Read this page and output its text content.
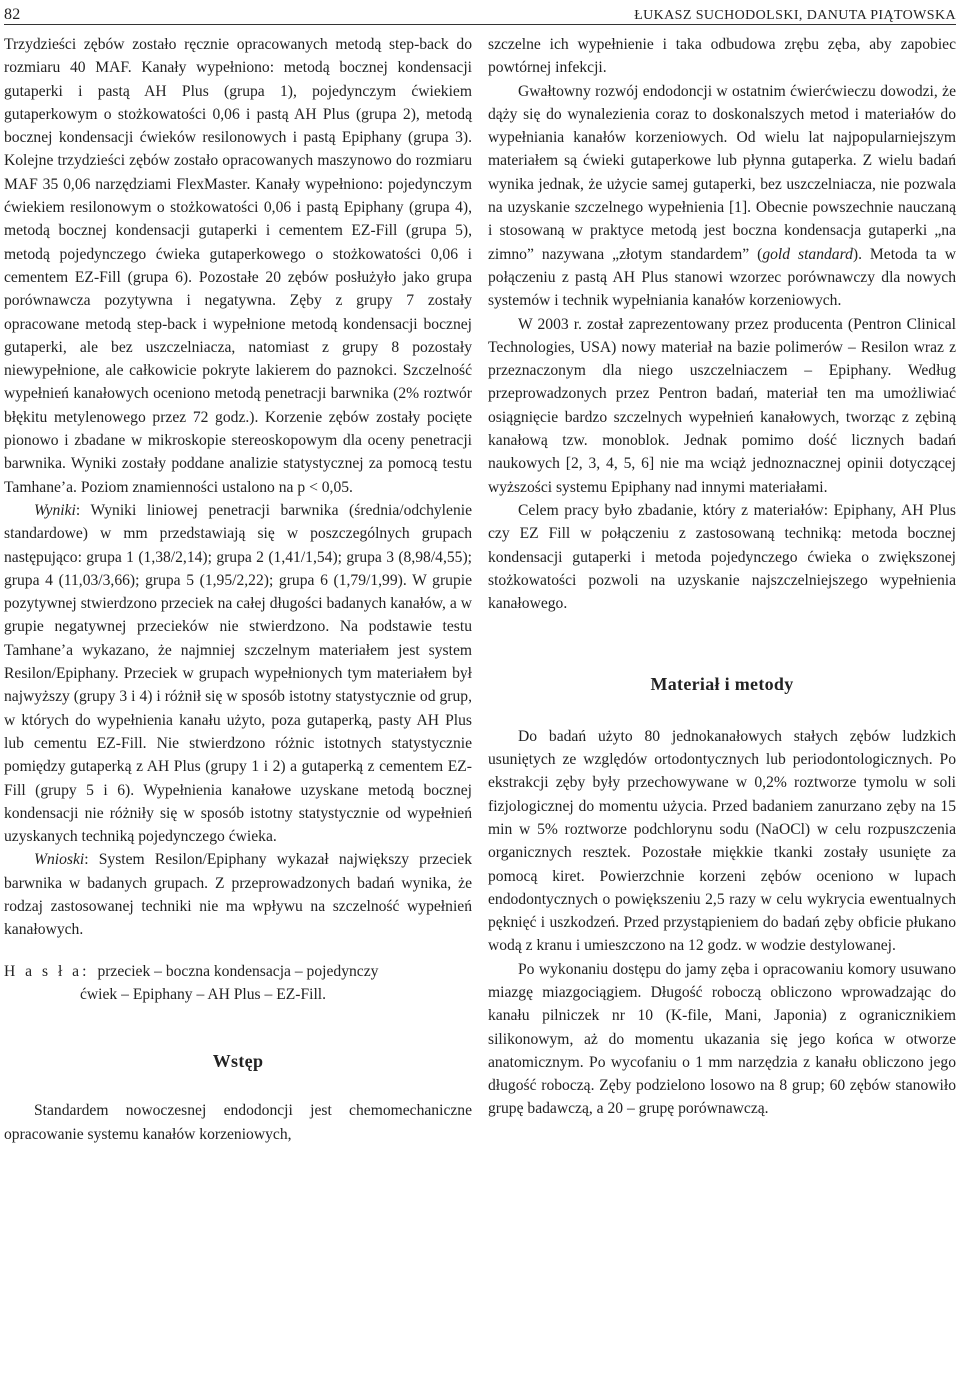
82	ŁUKASZ SUCHODOLSKI, DANUTA PIĄTOWSKA

Trzydzieści zębów zostało ręcznie opracowanych metodą step-back do rozmiaru 40 MAF. Kanały wypełniono: metodą bocznej kondensacji gutaperki i pastą AH Plus (grupa 1), pojedynczym ćwiekiem gutaperkowym o stożkowatości 0,06 i pastą AH Plus (grupa 2), metodą bocznej kondensacji ćwieków resilonowych i pastą Epiphany (grupa 3). Kolejne trzydzieści zębów zostało opracowanych maszynowo do rozmiaru MAF 35 0,06 narzędziami FlexMaster. Kanały wypełniono: pojedynczym ćwiekiem resilonowym o stożkowatości 0,06 i pastą Epiphany (grupa 4), metodą bocznej kondensacji gutaperki i cementem EZ-Fill (grupa 5), metodą pojedynczego ćwieka gutaperkowego o stożkowatości 0,06 i cementem EZ-Fill (grupa 6). Pozostałe 20 zębów posłużyło jako grupa porównawcza pozytywna i negatywna. Zęby z grupy 7 zostały opracowane metodą step-back i wypełnione metodą kondensacji bocznej gutaperki, ale bez uszczelniacza, natomiast z grupy 8 pozostały niewypełnione, ale całkowicie pokryte lakierem do paznokci. Szczelność wypełnień kanałowych oceniono metodą penetracji barwnika (2% roztwór błękitu metylenowego przez 72 godz.). Korzenie zębów zostały pocięte pionowo i zbadane w mikroskopie stereoskopowym dla oceny penetracji barwnika. Wyniki zostały poddane analizie statystycznej za pomocą testu Tamhane’a. Poziom znamienności ustalono na p < 0,05.

Wyniki: Wyniki liniowej penetracji barwnika (średnia/odchylenie standardowe) w mm przedstawiają się w poszczególnych grupach następująco: grupa 1 (1,38/2,14); grupa 2 (1,41/1,54); grupa 3 (8,98/4,55); grupa 4 (11,03/3,66); grupa 5 (1,95/2,22); grupa 6 (1,79/1,99). W grupie pozytywnej stwierdzono przeciek na całej długości badanych kanałów, a w grupie negatywnej przecieków nie stwierdzono. Na podstawie testu Tamhane’a wykazano, że najmniej szczelnym materiałem jest system Resilon/Epiphany. Przeciek w grupach wypełnionych tym materiałem był najwyższy (grupy 3 i 4) i różnił się w sposób istotny statystycznie od grup, w których do wypełnienia kanału użyto, poza gutaperką, pasty AH Plus lub cementu EZ-Fill. Nie stwierdzono różnic istotnych statystycznie pomiędzy gutaperką z AH Plus (grupy 1 i 2) a gutaperką z cementem EZ-Fill (grupy 5 i 6). Wypełnienia kanałowe uzyskane metodą bocznej kondensacji nie różniły się w sposób istotny statystycznie od wypełnień uzyskanych techniką pojedynczego ćwieka.

Wnioski: System Resilon/Epiphany wykazał największy przeciek barwnika w badanych grupach. Z przeprowadzonych badań wynika, że rodzaj zastosowanej techniki nie ma wpływu na szczelność wypełnień kanałowych.

H a s ł a: przeciek – boczna kondensacja – pojedynczy

ćwiek – Epiphany – AH Plus – EZ-Fill.

Wstęp

Standardem nowoczesnej endodoncji jest chemomechaniczne opracowanie systemu kanałów korzeniowych,

szczelne ich wypełnienie i taka odbudowa zrębu zęba, aby zapobiec powtórnej infekcji.

Gwałtowny rozwój endodoncji w ostatnim ćwierćwieczu dowodzi, że dąży się do wynalezienia coraz to doskonalszych metod i materiałów do wypełniania kanałów korzeniowych. Od wielu lat najpopularniejszym materiałem są ćwieki gutaperkowe lub płynna gutaperka. Z wielu badań wynika jednak, że użycie samej gutaperki, bez uszczelniacza, nie pozwala na uzyskanie szczelnego wypełnienia [1]. Obecnie powszechnie nauczaną i stosowaną w praktyce metodą jest boczna kondensacja gutaperki „na zimno” nazywana „złotym standardem” (gold standard). Metoda ta w połączeniu z pastą AH Plus stanowi wzorzec porównawczy dla nowych systemów i technik wypełniania kanałów korzeniowych.

W 2003 r. został zaprezentowany przez producenta (Pentron Clinical Technologies, USA) nowy materiał na bazie polimerów – Resilon wraz z przeznaczonym dla niego uszczelniaczem – Epiphany. Według przeprowadzonych przez Pentron badań, materiał ten ma umożliwiać osiągnięcie bardzo szczelnych wypełnień kanałowych, tworząc z zębiną kanałową tzw. monoblok. Jednak pomimo dość licznych badań naukowych [2, 3, 4, 5, 6] nie ma wciąż jednoznacznej opinii dotyczącej wyższości systemu Epiphany nad innymi materiałami.

Celem pracy było zbadanie, który z materiałów: Epiphany, AH Plus czy EZ Fill w połączeniu z zastosowaną techniką: metoda bocznej kondensacji gutaperki i metoda pojedynczego ćwieka o zwiększonej stożkowatości pozwoli na uzyskanie najszczelniejszego wypełnienia kanałowego.

Materiał i metody

Do badań użyto 80 jednokanałowych stałych zębów ludzkich usuniętych ze względów ortodontycznych lub periodontologicznych. Po ekstrakcji zęby były przechowywane w 0,2% roztworze tymolu w soli fizjologicznej do momentu użycia. Przed badaniem zanurzano zęby na 15 min w 5% roztworze podchlorynu sodu (NaOCl) w celu rozpuszczenia organicznych resztek. Pozostałe miękkie tkanki zostały usunięte za pomocą kiret. Powierzchnie korzeni zębów oceniono w lupach endodontycznych o powiększeniu 2,5 razy w celu wykrycia ewentualnych pęknięć i uszkodzeń. Przed przystąpieniem do badań zęby obficie płukano wodą z kranu i umieszczono na 12 godz. w wodzie destylowanej.

Po wykonaniu dostępu do jamy zęba i opracowaniu komory usuwano miazgę miazgociągiem. Długość roboczą obliczono wprowadzając do kanału pilniczek nr 10 (K-file, Mani, Japonia) z ogranicznikiem silikonowym, aż do momentu ukazania się jego końca w otworze anatomicznym. Po wycofaniu o 1 mm narzędzia z kanału obliczono jego długość roboczą. Zęby podzielono losowo na 8 grup; 60 zębów stanowiło grupę badawczą, a 20 – grupę porównawczą.
